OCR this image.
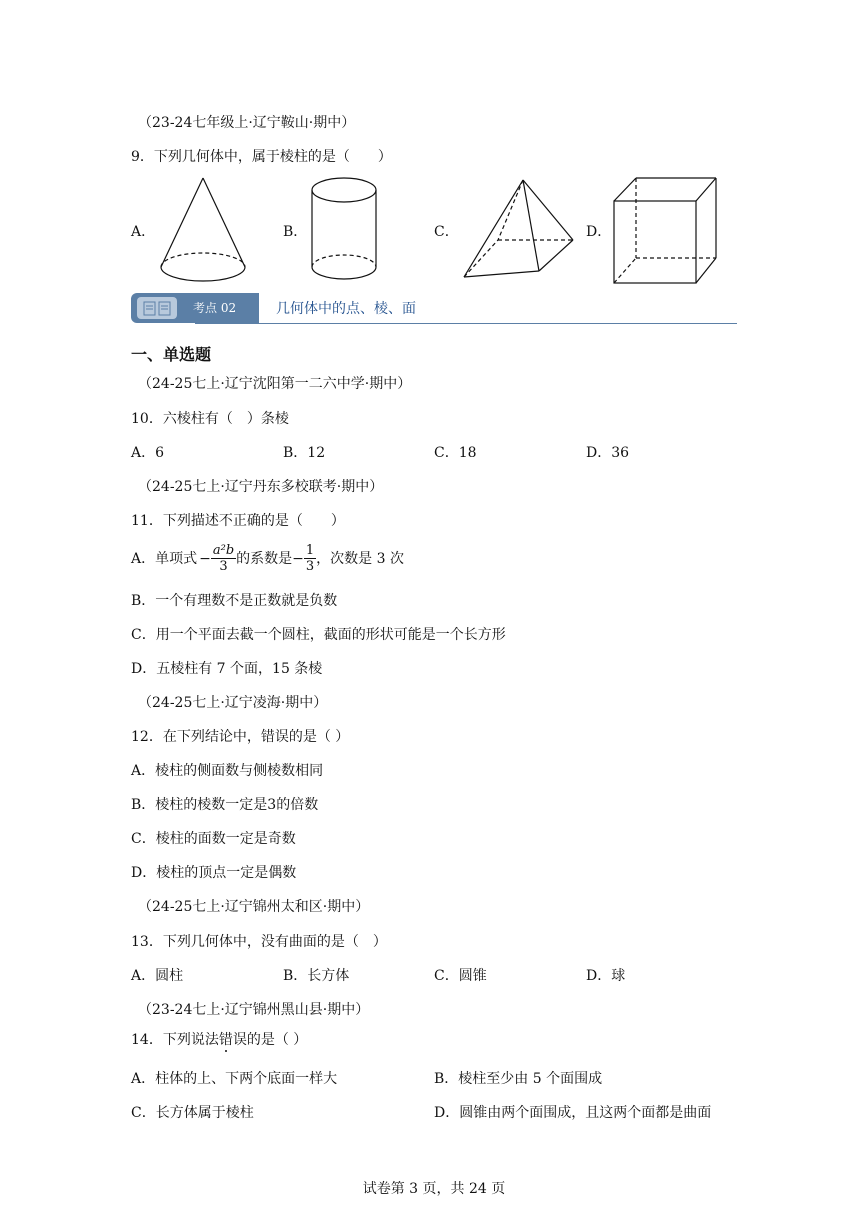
（23-24七年级上·辽宁鞍山·期中）
9．下列几何体中，属于棱柱的是（　　）
A．	B．	C．	D．
考点 02	几何体中的点、棱、面
一、单选题
（24-25七上·辽宁沈阳第一二六中学·期中）
10．六棱柱有（　）条棱
A．6	B．12	C．18	D．36
（24-25七上·辽宁丹东多校联考·期中）
11．下列描述不正确的是（　　）
A．单项式 − $\frac{\text{a²b}}{3}$ 的系数是 − $\frac{1}{3}$ ，次数是 3 次
B．一个有理数不是正数就是负数
C．用一个平面去截一个圆柱，截面的形状可能是一个长方形
D．五棱柱有 7 个面，15 条棱
（24-25七上·辽宁凌海·期中）
12．在下列结论中，错误的是（ ）
A．棱柱的侧面数与侧棱数相同
B．棱柱的棱数一定是3的倍数
C．棱柱的面数一定是奇数
D．棱柱的顶点一定是偶数
（24-25七上·辽宁锦州太和区·期中）
13．下列几何体中，没有曲面的是（　）
A．圆柱	B．长方体	C．圆锥	D．球
（23-24七上·辽宁锦州黑山县·期中）
14．下列说法错误的是（ ）
A．柱体的上、下两个底面一样大	B．棱柱至少由 5 个面围成
C．长方体属于棱柱	D．圆锥由两个面围成，且这两个面都是曲面
试卷第 3 页，共 24 页
